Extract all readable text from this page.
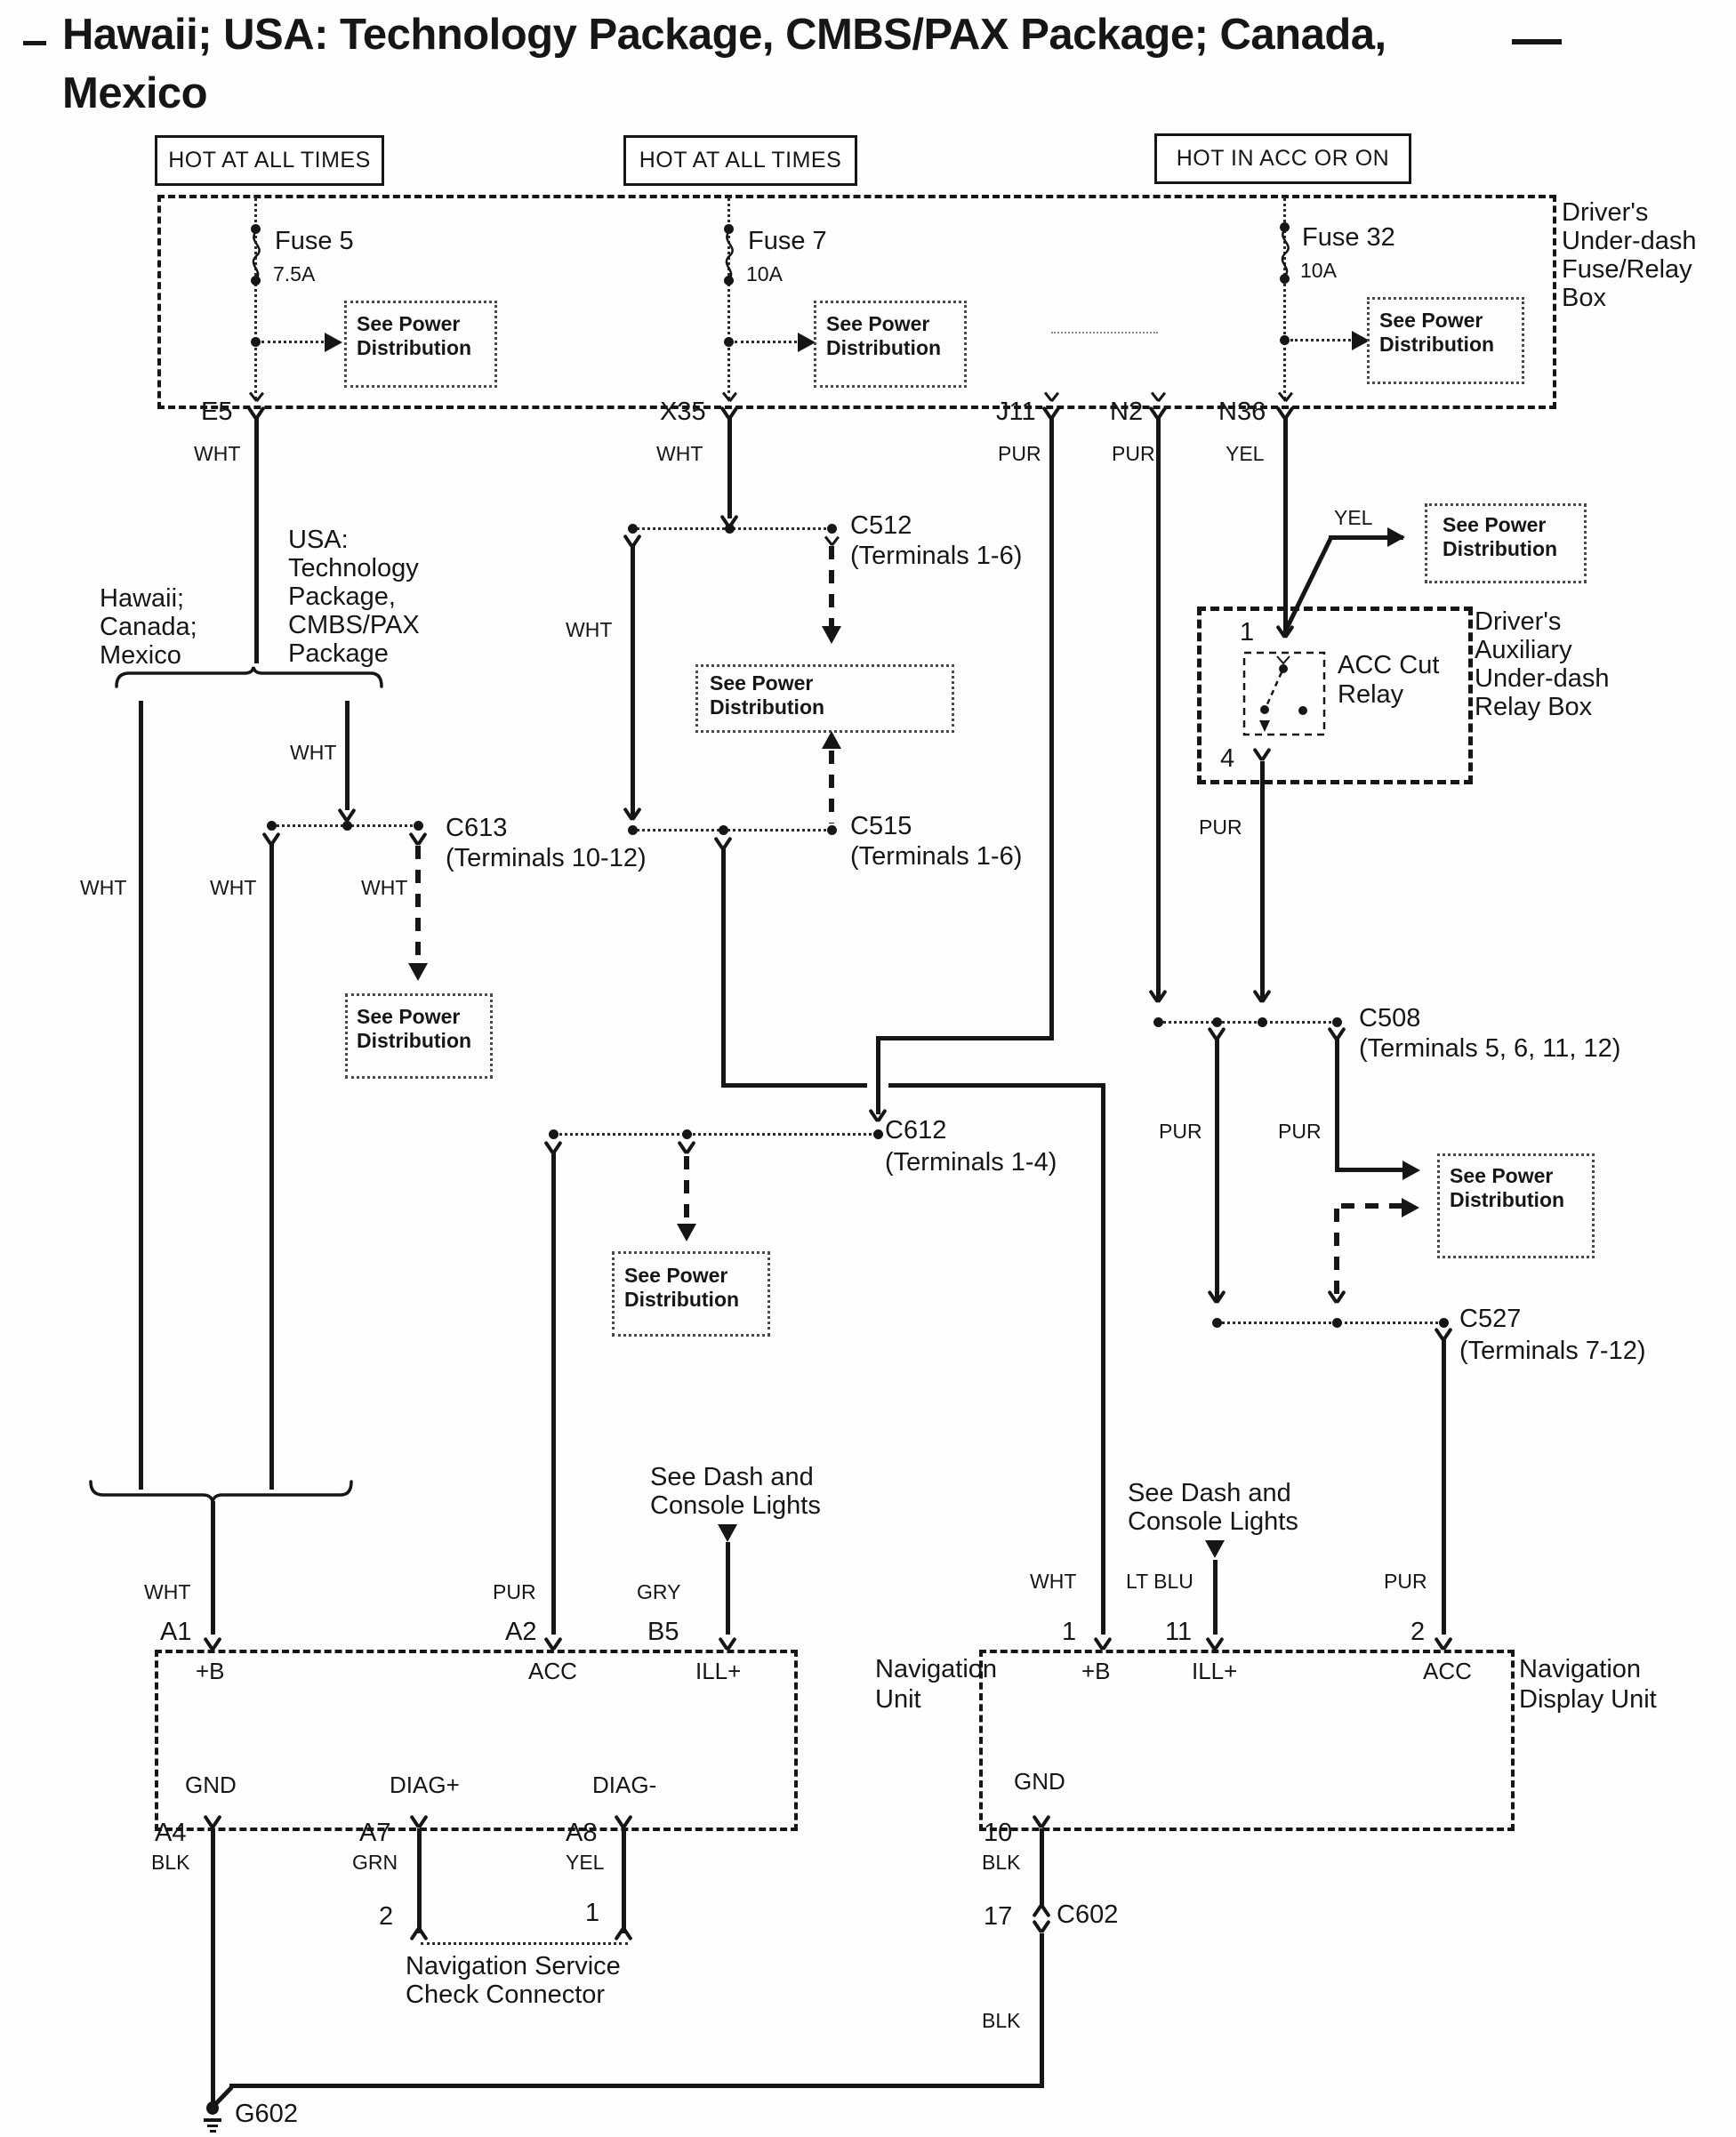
Hawaii; USA: Technology Package, CMBS/PAX Package; Canada,
Mexico
HOT AT ALL TIMES	HOT AT ALL TIMES	HOT IN ACC OR ON
Driver's
Under-dash
Fuse/Relay
Box
Fuse 5
7.5A
See Power
Distribution
Fuse 7
10A
See Power
Distribution
Fuse 32
10A
See Power
Distribution
E5
WHT
X35
WHT
J11
PUR
N2
PUR
N36
YEL
Hawaii;
Canada;
Mexico
USA:
Technology
Package,
CMBS/PAX
Package
C613
(Terminals 10-12)
See Power
Distribution
WHT	WHT	WHT
WHT
C512
(Terminals 1-6)
WHT
See Power
Distribution
C515
(Terminals 1-6)
C612
(Terminals 1-4)
See Power
Distribution
YEL	See Power
Distribution
1
ACC Cut
Relay
Driver's
Auxiliary
Under-dash
Relay Box
4
PUR
C508
(Terminals 5, 6, 11, 12)
PUR	PUR
See Power
Distribution
C527
(Terminals 7-12)
See Dash and
Console Lights	See Dash and
Console Lights
WHT
A1
PUR
A2
GRY
B5
WHT
1
LT BLU
11
PUR
2
+B	ACC	ILL+
GND	DIAG+	DIAG-
Navigation
Unit
+B	ILL+	ACC
GND
Navigation
Display Unit
A4
BLK
A7
GRN
A8
YEL
2	1
Navigation Service
Check Connector
10
BLK
17 C602
BLK
G602
